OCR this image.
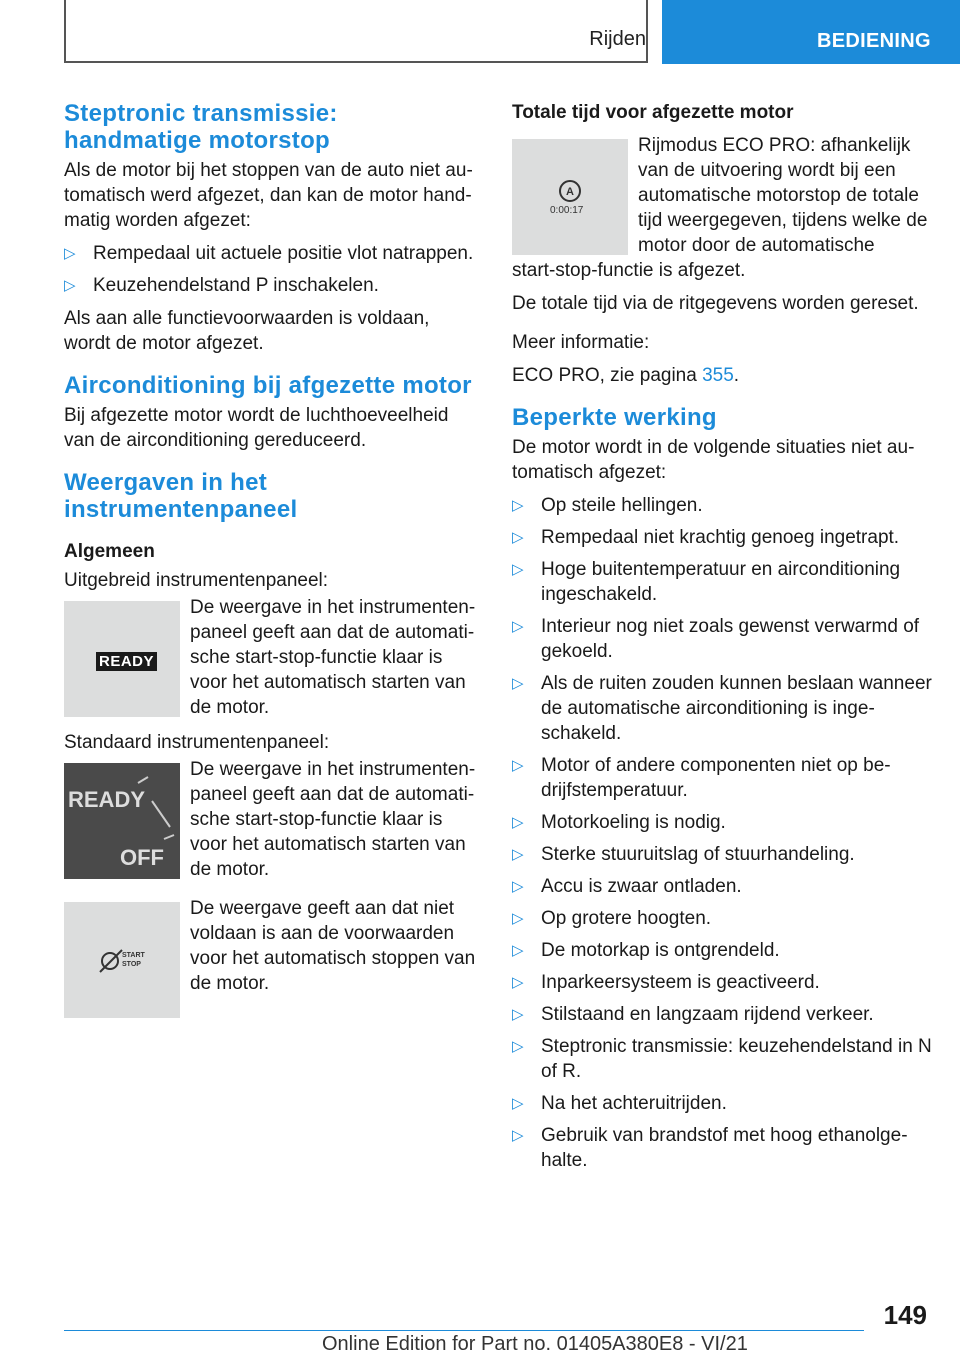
Rijden	BEDIENING
Steptronic transmissie: handmatige motorstop

Als de motor bij het stoppen van de auto niet automatisch werd afgezet, dan kan de motor handmatig worden afgezet:

▷ Rempedaal uit actuele positie vlot natrappen.
▷ Keuzehendelstand P inschakelen.

Als aan alle functievoorwaarden is voldaan, wordt de motor afgezet.

Airconditioning bij afgezette motor

Bij afgezette motor wordt de luchthoeveelheid van de airconditioning gereduceerd.

Weergaven in het instrumentenpaneel
Algemeen

Uitgebreid instrumentenpaneel:

READY
De weergave in het instrumentenpaneel geeft aan dat de automatische start-stop-functie klaar is voor het automatisch starten van de motor.

Standaard instrumentenpaneel:

READY
OFF
De weergave in het instrumentenpaneel geeft aan dat de automatische start-stop-functie klaar is voor het automatisch starten van de motor.
START
STOP
De weergave geeft aan dat niet voldaan is aan de voorwaarden voor het automatisch stoppen van de motor.
Totale tijd voor afgezette motor
A
0:00:17
Rijmodus ECO PRO: afhankelijk van de uitvoering wordt bij een automatische motorstop de totale tijd weergegeven, tijdens welke de motor door de automatische

start-stop-functie is afgezet.

De totale tijd via de ritgegevens worden gereset.

Meer informatie:

ECO PRO, zie pagina 355.

Beperkte werking

De motor wordt in de volgende situaties niet automatisch afgezet:

▷ Op steile hellingen.
▷ Rempedaal niet krachtig genoeg ingetrapt.
▷ Hoge buitentemperatuur en airconditioning ingeschakeld.
▷ Interieur nog niet zoals gewenst verwarmd of gekoeld.
▷ Als de ruiten zouden kunnen beslaan wanneer de automatische airconditioning is ingeschakeld.
▷ Motor of andere componenten niet op bedrijfstemperatuur.
▷ Motorkoeling is nodig.
▷ Sterke stuuruitslag of stuurhandeling.
▷ Accu is zwaar ontladen.
▷ Op grotere hoogten.
▷ De motorkap is ontgrendeld.
▷ Inparkeersysteem is geactiveerd.
▷ Stilstaand en langzaam rijdend verkeer.
▷ Steptronic transmissie: keuzehendelstand in N of R.
▷ Na het achteruitrijden.
▷ Gebruik van brandstof met hoog ethanolgehalte.
149
Online Edition for Part no. 01405A380E8 - VI/21
